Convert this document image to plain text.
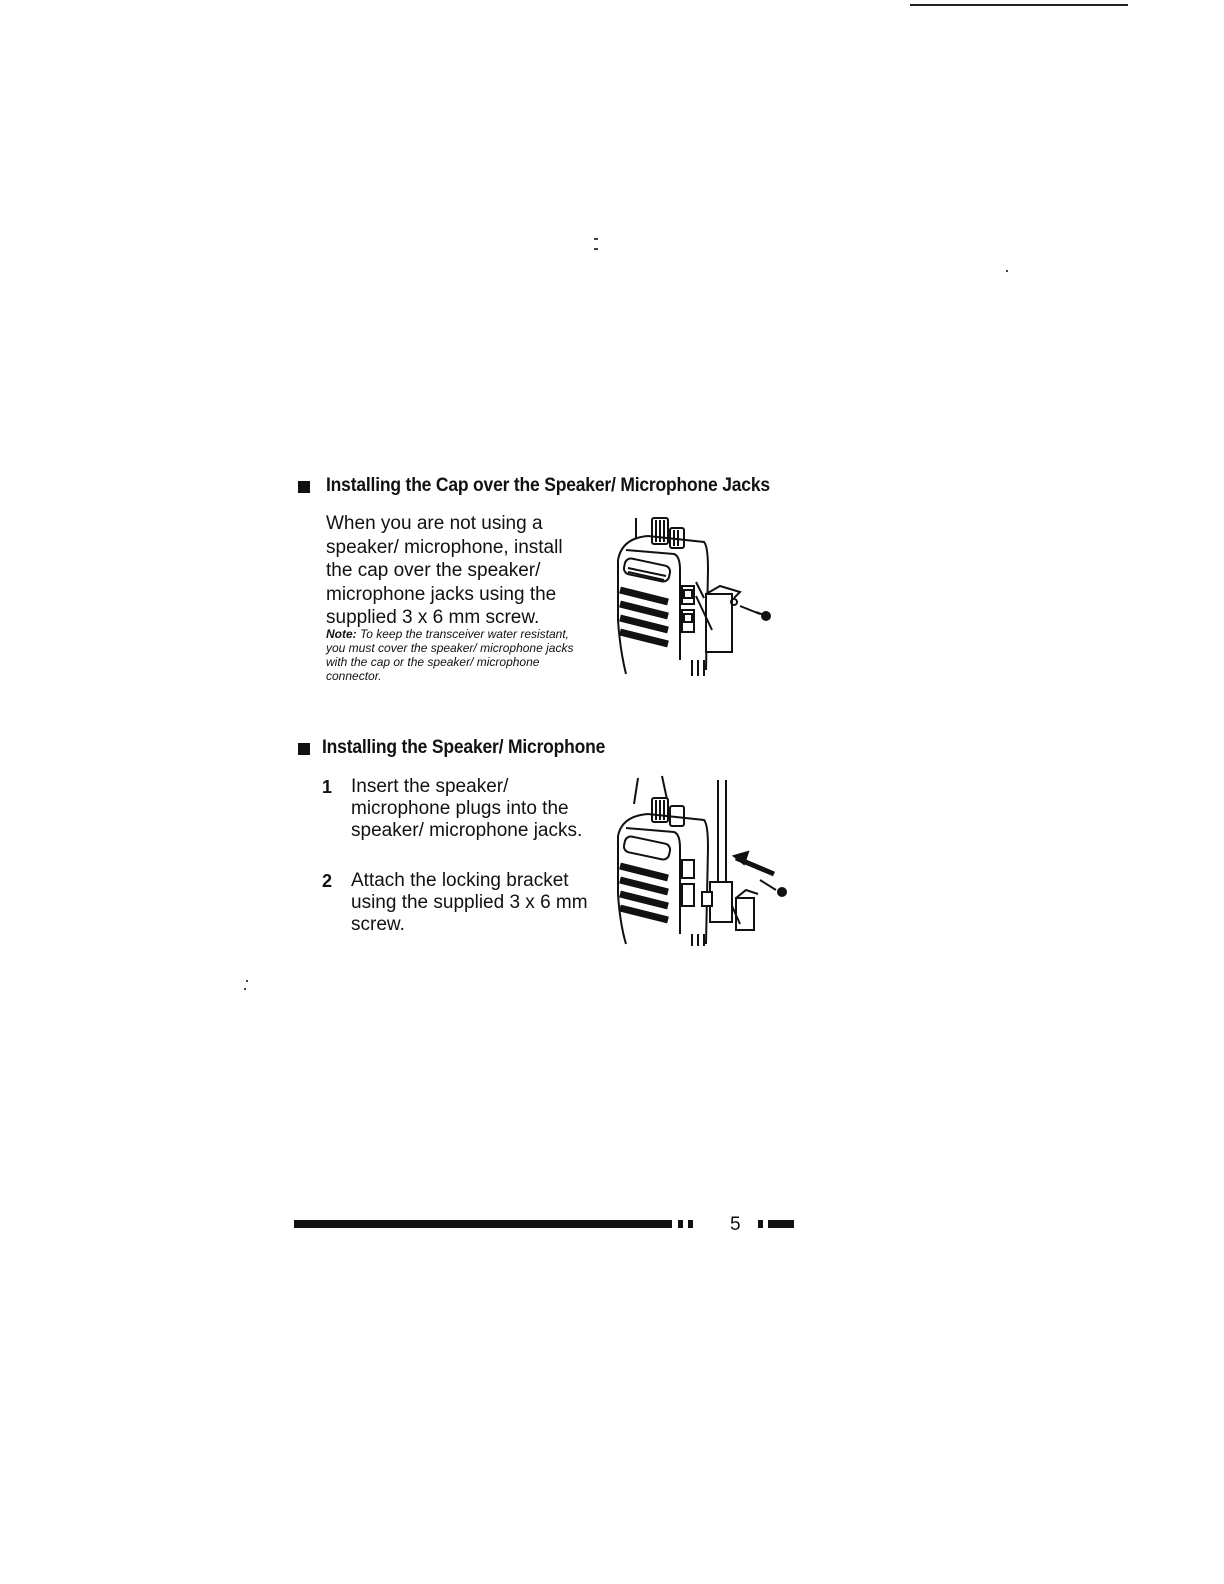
Installing the Cap over the Speaker/ Microphone Jacks
When you are not using a speaker/ microphone, install the cap over the speaker/ microphone jacks using the supplied 3 x 6 mm screw.
Note: To keep the transceiver water resistant, you must cover the speaker/ microphone jacks with the cap or the speaker/ microphone connector.
Installing the Speaker/ Microphone
1 Insert the speaker/ microphone plugs into the speaker/ microphone jacks.
2 Attach the locking bracket using the supplied 3 x 6 mm screw.
5
